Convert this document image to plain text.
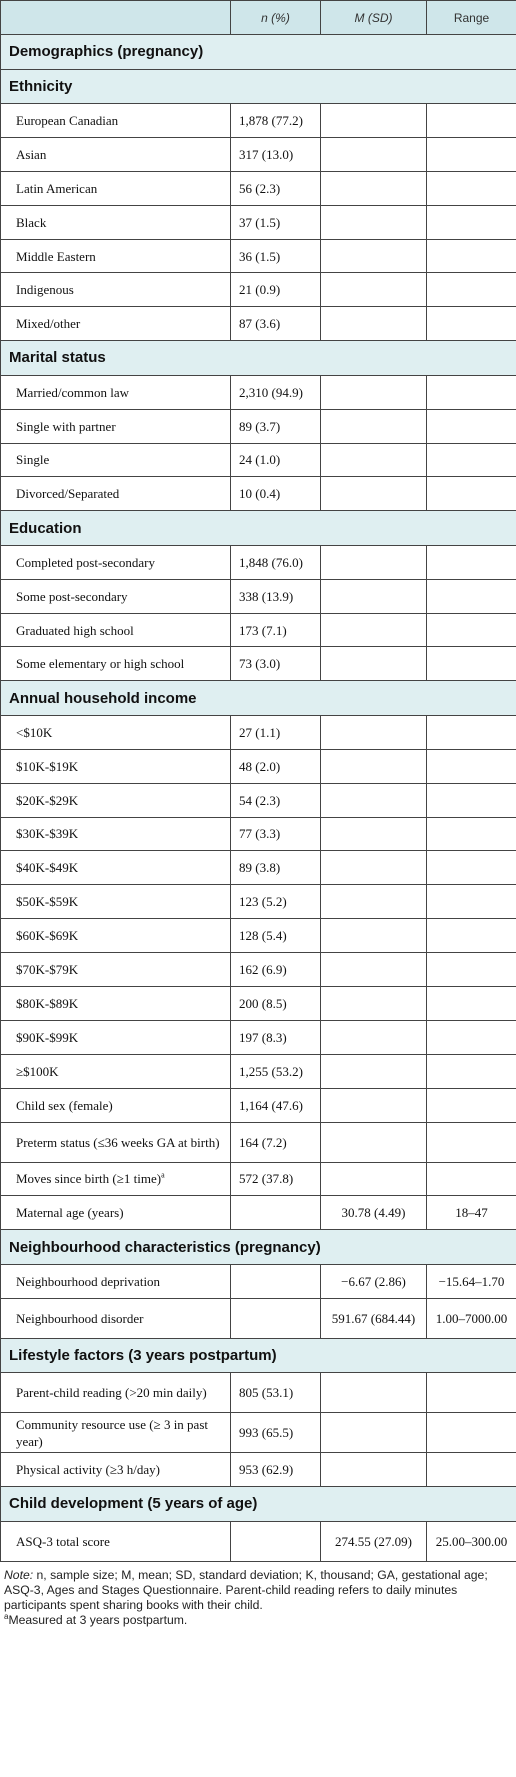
	n (%)	M (SD)	Range
Demographics (pregnancy)			
Ethnicity			
European Canadian	1,878 (77.2)		
Asian	317 (13.0)		
Latin American	56 (2.3)		
Black	37 (1.5)		
Middle Eastern	36 (1.5)		
Indigenous	21 (0.9)		
Mixed/other	87 (3.6)		
Marital status			
Married/common law	2,310 (94.9)		
Single with partner	89 (3.7)		
Single	24 (1.0)		
Divorced/Separated	10 (0.4)		
Education			
Completed post-secondary	1,848 (76.0)		
Some post-secondary	338 (13.9)		
Graduated high school	173 (7.1)		
Some elementary or high school	73 (3.0)		
Annual household income			
<$10K	27 (1.1)		
$10K-$19K	48 (2.0)		
$20K-$29K	54 (2.3)		
$30K-$39K	77 (3.3)		
$40K-$49K	89 (3.8)		
$50K-$59K	123 (5.2)		
$60K-$69K	128 (5.4)		
$70K-$79K	162 (6.9)		
$80K-$89K	200 (8.5)		
$90K-$99K	197 (8.3)		
≥$100K	1,255 (53.2)		
Child sex (female)	1,164 (47.6)		
Preterm status (≤36 weeks GA at birth)	164 (7.2)		
Moves since birth (≥1 time)$^a$	572 (37.8)		
Maternal age (years)		30.78 (4.49)	18–47
Neighbourhood characteristics (pregnancy)			
Neighbourhood deprivation		−6.67 (2.86)	−15.64–1.70
Neighbourhood disorder		591.67 (684.44)	1.00–7000.00
Lifestyle factors (3 years postpartum)			
Parent-child reading (>20 min daily)	805 (53.1)		
Community resource use (≥ 3 in past year)	993 (65.5)		
Physical activity (≥3 h/day)	953 (62.9)		
Child development (5 years of age)			
ASQ-3 total score		274.55 (27.09)	25.00–300.00
Note: n, sample size; M, mean; SD, standard deviation; K, thousand; GA, gestational age; ASQ-3, Ages and Stages Questionnaire. Parent-child reading refers to daily minutes participants spent sharing books with their child.
$^a$Measured at 3 years postpartum.
